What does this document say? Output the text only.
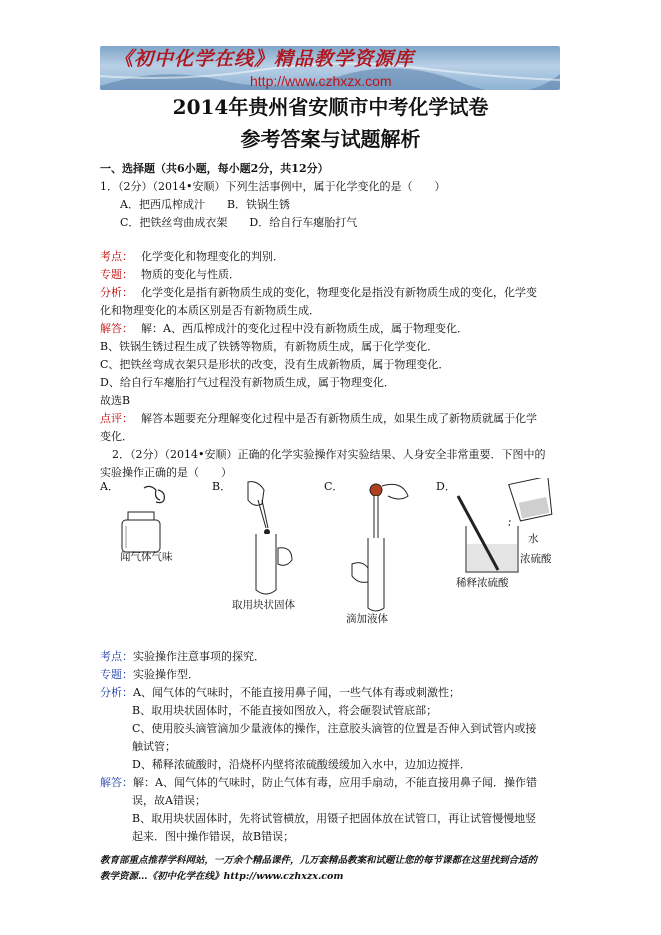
《初中化学在线》精品教学资源库
http://www.czhxzx.com
2014年贵州省安顺市中考化学试卷
参考答案与试题解析
一、选择题（共6小题，每小题2分，共12分）
1．（2分）（2014•安顺）下列生活事例中，属于化学变化的是（　　）
A．把西瓜榨成汁　　B．铁锅生锈
C．把铁丝弯曲成衣架　　D．给自行车瘪胎打气
考点： 化学变化和物理变化的判别．
专题： 物质的变化与性质．
分析： 化学变化是指有新物质生成的变化，物理变化是指没有新物质生成的变化，化学变
化和物理变化的本质区别是否有新物质生成．
解答： 解：A、西瓜榨成汁的变化过程中没有新物质生成，属于物理变化．
B、铁锅生锈过程生成了铁锈等物质，有新物质生成，属于化学变化．
C、把铁丝弯成衣架只是形状的改变，没有生成新物质，属于物理变化．
D、给自行车瘪胎打气过程没有新物质生成，属于物理变化．
故选B
点评： 解答本题要充分理解变化过程中是否有新物质生成，如果生成了新物质就属于化学
变化．
2．（2分）（2014•安顺）正确的化学实验操作对实验结果、人身安全非常重要．下图中的
实验操作正确的是（　　）
A．
闻气体气味
B．
取用块状固体
C．
滴加液体
D．
水
浓硫酸
稀释浓硫酸
考点：实验操作注意事项的探究．
专题：实验操作型．
分析：A、闻气体的气味时，不能直接用鼻子闻，一些气体有毒或刺激性；
B、取用块状固体时，不能直接如图放入，将会砸裂试管底部；
C、使用胶头滴管滴加少量液体的操作，注意胶头滴管的位置是否伸入到试管内或接
触试管；
D、稀释浓硫酸时，沿烧杯内壁将浓硫酸缓缓加入水中，边加边搅拌．
解答：解：A、闻气体的气味时，防止气体有毒，应用手扇动，不能直接用鼻子闻．操作错
误，故A错误；
B、取用块状固体时，先将试管横放，用镊子把固体放在试管口，再让试管慢慢地竖
起来．图中操作错误，故B错误；
教育部重点推荐学科网站，一万余个精品课件，几万套精品教案和试题让您的每节课都在这里找到合适的
教学资源…《初中化学在线》http://www.czhxzx.com
